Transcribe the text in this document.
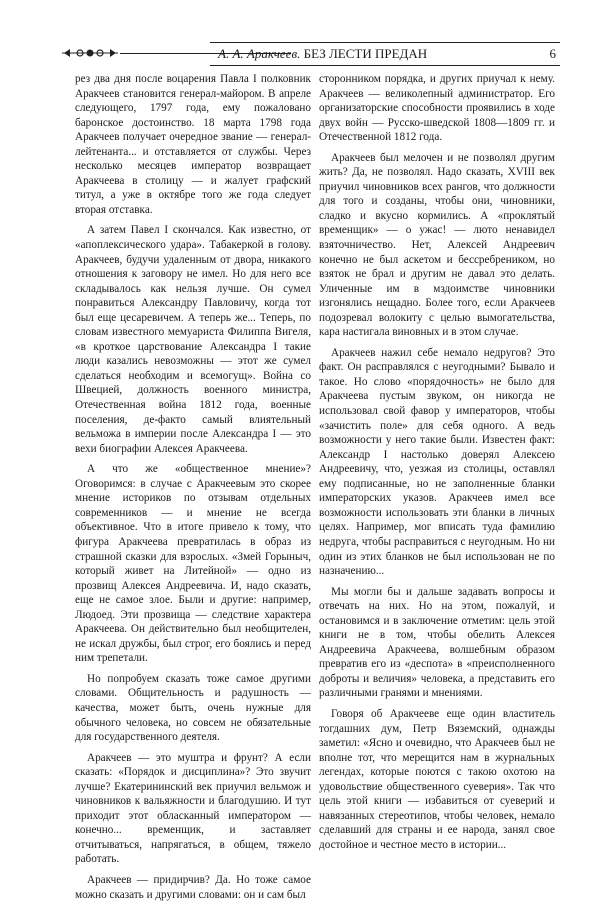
А. А. Аракчеев. БЕЗ ЛЕСТИ ПРЕДАН	6

рез два дня после воцарения Павла I полковник Аракчеев становится генерал-майором. В апреле следующего, 1797 года, ему пожаловано баронское достоинство. 18 марта 1798 года Аракчеев получает очередное звание — генерал-лейтенанта... и отставляется от службы. Через несколько месяцев император возвращает Аракчеева в столицу — и жалует графский титул, а уже в октябре того же года следует вторая отставка.

А затем Павел I скончался. Как известно, от «апоплексического удара». Табакеркой в голову. Аракчеев, будучи удаленным от двора, никакого отношения к заговору не имел. Но для него все складывалось как нельзя лучше. Он сумел понравиться Александру Павловичу, когда тот был еще цесаревичем. А теперь же... Теперь, по словам известного мемуариста Филиппа Вигеля, «в кроткое царствование Александра I такие люди казались невозможны — этот же сумел сделаться необходим и всемогущ». Война со Швецией, должность военного министра, Отечественная война 1812 года, военные поселения, де-факто самый влиятельный вельможа в империи после Александра I — это вехи биографии Алексея Аракчеева.

А что же «общественное мнение»? Оговоримся: в случае с Аракчеевым это скорее мнение историков по отзывам отдельных современников — и мнение не всегда объективное. Что в итоге привело к тому, что фигура Аракчеева превратилась в образ из страшной сказки для взрослых. «Змей Горыныч, который живет на Литейной» — одно из прозвищ Алексея Андреевича. И, надо сказать, еще не самое злое. Были и другие: например, Людоед. Эти прозвища — следствие характера Аракчеева. Он действительно был необщителен, не искал дружбы, был строг, его боялись и перед ним трепетали.

Но попробуем сказать тоже самое другими словами. Общительность и радушность — качества, может быть, очень нужные для обычного человека, но совсем не обязательные для государственного деятеля.

Аракчеев — это муштра и фрунт? А если сказать: «Порядок и дисциплина»? Это звучит лучше? Екатерининский век приучил вельмож и чиновников к вальяжности и благодушию. И тут приходит этот обласканный императором — конечно... временщик, и заставляет отчитываться, напрягаться, в общем, тяжело работать.

Аракчеев — придирчив? Да. Но тоже самое можно сказать и другими словами: он и сам был

сторонником порядка, и других приучал к нему. Аракчеев — великолепный администратор. Его организаторские способности проявились в ходе двух войн — Русско-шведской 1808—1809 гг. и Отечественной 1812 года.

Аракчеев был мелочен и не позволял другим жить? Да, не позволял. Надо сказать, XVIII век приучил чиновников всех рангов, что должности для того и созданы, чтобы они, чиновники, сладко и вкусно кормились. А «проклятый временщик» — о ужас! — люто ненавидел взяточничество. Нет, Алексей Андреевич конечно не был аскетом и бессребреником, но взяток не брал и другим не давал это делать. Уличенные им в мздоимстве чиновники изгонялись нещадно. Более того, если Аракчеев подозревал волокиту с целью вымогательства, кара настигала виновных и в этом случае.

Аракчеев нажил себе немало недругов? Это факт. Он расправлялся с неугодными? Бывало и такое. Но слово «порядочность» не было для Аракчеева пустым звуком, он никогда не использовал свой фавор у императоров, чтобы «зачистить поле» для себя одного. А ведь возможности у него такие были. Известен факт: Александр I настолько доверял Алексею Андреевичу, что, уезжая из столицы, оставлял ему подписанные, но не заполненные бланки императорских указов. Аракчеев имел все возможности использовать эти бланки в личных целях. Например, мог вписать туда фамилию недруга, чтобы расправиться с неугодным. Но ни один из этих бланков не был использован не по назначению...

Мы могли бы и дальше задавать вопросы и отвечать на них. Но на этом, пожалуй, и остановимся и в заключение отметим: цель этой книги не в том, чтобы обелить Алексея Андреевича Аракчеева, волшебным образом превратив его из «деспота» в «преисполненного доброты и величия» человека, а представить его различными гранями и мнениями.

Говоря об Аракчееве еще один властитель тогдашних дум, Петр Вяземский, однажды заметил: «Ясно и очевидно, что Аракчеев был не вполне тот, что мерещится нам в журнальных легендах, которые поются с такою охотою на удовольствие общественного суеверия». Так что цель этой книги — избавиться от суеверий и навязанных стереотипов, чтобы человек, немало сделавший для страны и ее народа, занял свое достойное и честное место в истории...
